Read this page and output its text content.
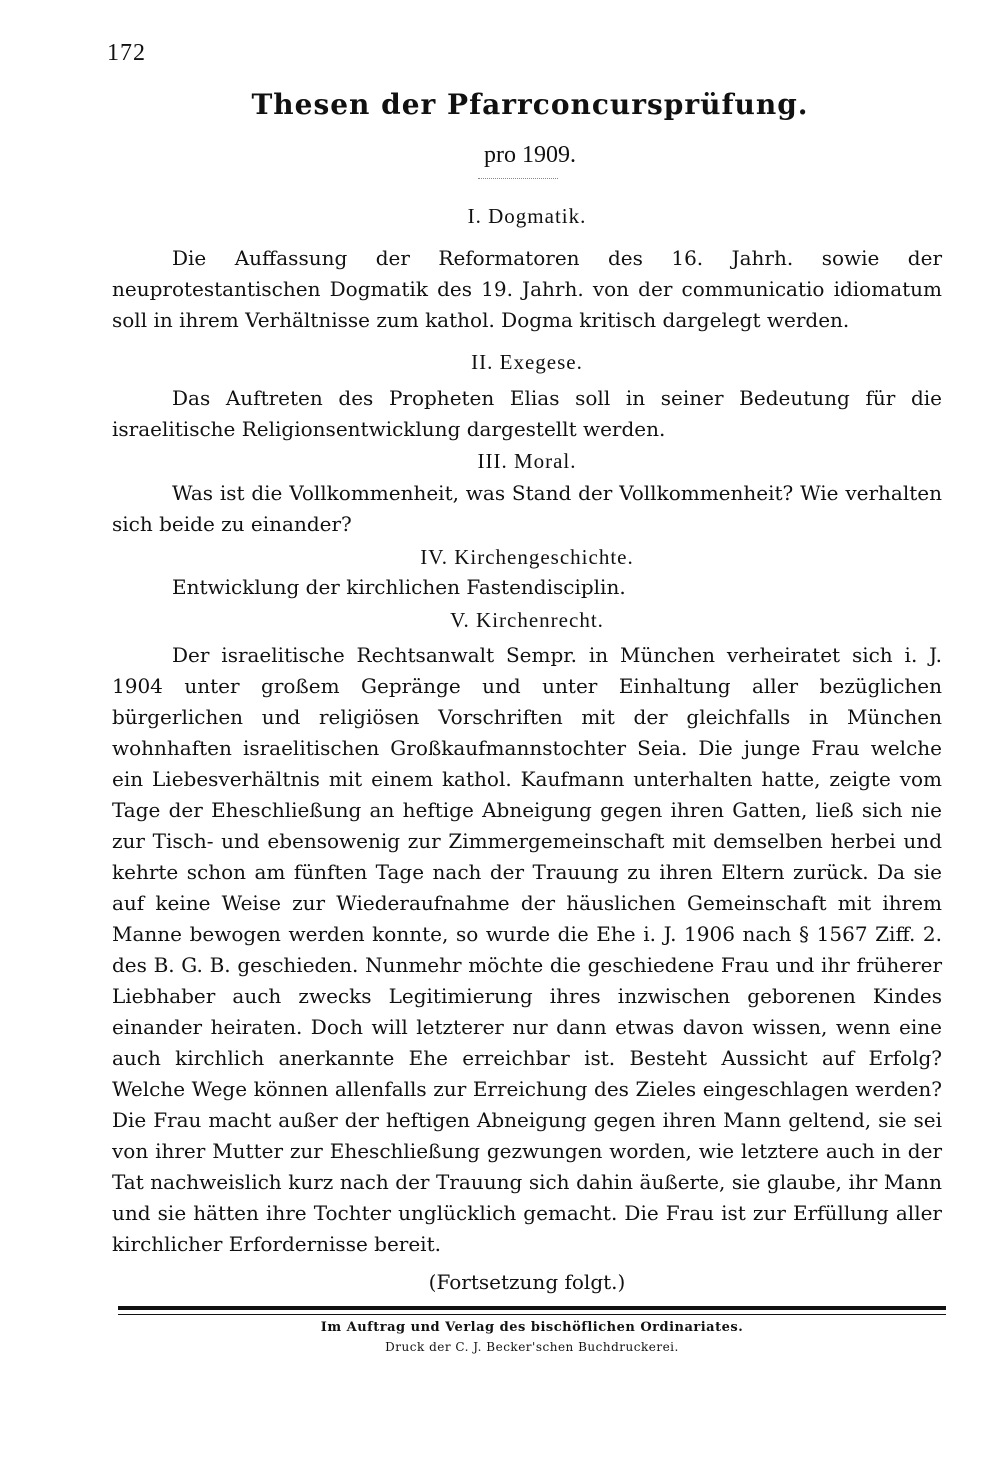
172
Thesen der Pfarrconcursprüfung.
pro 1909.
I. Dogmatik.
Die Auffassung der Reformatoren des 16. Jahrh. sowie der neuprotestantischen Dogmatik des 19. Jahrh. von der communicatio idiomatum soll in ihrem Verhältnisse zum kathol. Dogma kritisch dargelegt werden.
II. Exegese.
Das Auftreten des Propheten Elias soll in seiner Bedeutung für die israelitische Religionsentwicklung dargestellt werden.
III. Moral.
Was ist die Vollkommenheit, was Stand der Vollkommenheit? Wie verhalten sich beide zu einander?
IV. Kirchengeschichte.
Entwicklung der kirchlichen Fastendisciplin.
V. Kirchenrecht.
Der israelitische Rechtsanwalt Sempr. in München verheiratet sich i. J. 1904 unter großem Gepränge und unter Einhaltung aller bezüglichen bürgerlichen und religiösen Vorschriften mit der gleichfalls in München wohnhaften israelitischen Großkaufmannstochter Seia. Die junge Frau welche ein Liebesverhältnis mit einem kathol. Kaufmann unterhalten hatte, zeigte vom Tage der Eheschließung an heftige Abneigung gegen ihren Gatten, ließ sich nie zur Tisch- und ebensowenig zur Zimmergemeinschaft mit demselben herbei und kehrte schon am fünften Tage nach der Trauung zu ihren Eltern zurück. Da sie auf keine Weise zur Wiederaufnahme der häuslichen Gemeinschaft mit ihrem Manne bewogen werden konnte, so wurde die Ehe i. J. 1906 nach § 1567 Ziff. 2. des B. G. B. geschieden. Nunmehr möchte die geschiedene Frau und ihr früherer Liebhaber auch zwecks Legitimierung ihres inzwischen geborenen Kindes einander heiraten. Doch will letzterer nur dann etwas davon wissen, wenn eine auch kirchlich anerkannte Ehe erreichbar ist. Besteht Aussicht auf Erfolg? Welche Wege können allenfalls zur Erreichung des Zieles eingeschlagen werden? Die Frau macht außer der heftigen Abneigung gegen ihren Mann geltend, sie sei von ihrer Mutter zur Eheschließung gezwungen worden, wie letztere auch in der Tat nachweislich kurz nach der Trauung sich dahin äußerte, sie glaube, ihr Mann und sie hätten ihre Tochter unglücklich gemacht. Die Frau ist zur Erfüllung aller kirchlicher Erfordernisse bereit.
(Fortsetzung folgt.)
Im Auftrag und Verlag des bischöflichen Ordinariates.
Druck der C. J. Becker'schen Buchdruckerei.
